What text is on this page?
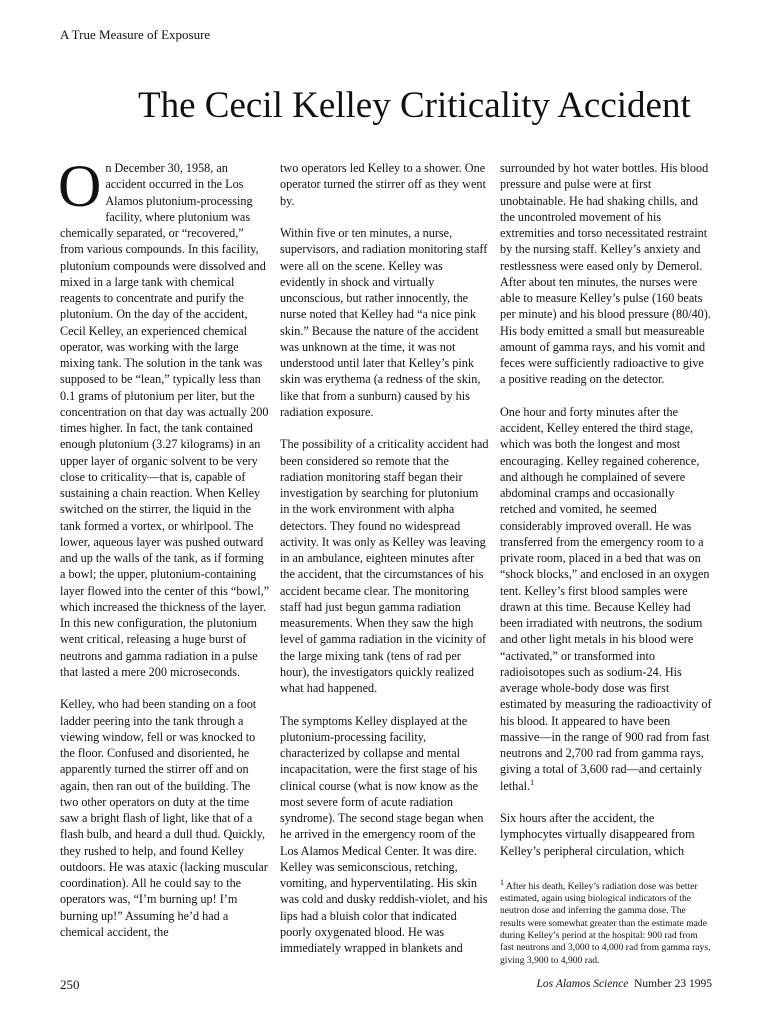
A True Measure of Exposure
The Cecil Kelley Criticality Accident

On December 30, 1958, an accident occurred in the Los Alamos plutonium-processing facility, where plutonium was chemically separated, or “recovered,” from various compounds. In this facility, plutonium compounds were dissolved and mixed in a large tank with chemical reagents to concentrate and purify the plutonium. On the day of the accident, Cecil Kelley, an experienced chemical operator, was working with the large mixing tank. The solution in the tank was supposed to be “lean,” typically less than 0.1 grams of plutonium per liter, but the concentration on that day was actually 200 times higher. In fact, the tank contained enough plutonium (3.27 kilograms) in an upper layer of organic solvent to be very close to criticality—that is, capable of sustaining a chain reaction. When Kelley switched on the stirrer, the liquid in the tank formed a vortex, or whirlpool. The lower, aqueous layer was pushed outward and up the walls of the tank, as if forming a bowl; the upper, plutonium-containing layer flowed into the center of this “bowl,” which increased the thickness of the layer. In this new configuration, the plutonium went critical, releasing a huge burst of neutrons and gamma radiation in a pulse that lasted a mere 200 microseconds.

Kelley, who had been standing on a foot ladder peering into the tank through a viewing window, fell or was knocked to the floor. Confused and disoriented, he apparently turned the stirrer off and on again, then ran out of the building. The two other operators on duty at the time saw a bright flash of light, like that of a flash bulb, and heard a dull thud. Quickly, they rushed to help, and found Kelley outdoors. He was ataxic (lacking muscular coordination). All he could say to the operators was, “I’m burning up! I’m burning up!” Assuming he’d had a chemical accident, the

two operators led Kelley to a shower. One operator turned the stirrer off as they went by.

Within five or ten minutes, a nurse, supervisors, and radiation monitoring staff were all on the scene. Kelley was evidently in shock and virtually unconscious, but rather innocently, the nurse noted that Kelley had “a nice pink skin.” Because the nature of the accident was unknown at the time, it was not understood until later that Kelley’s pink skin was erythema (a redness of the skin, like that from a sunburn) caused by his radiation exposure.

The possibility of a criticality accident had been considered so remote that the radiation monitoring staff began their investigation by searching for plutonium in the work environment with alpha detectors. They found no widespread activity. It was only as Kelley was leaving in an ambulance, eighteen minutes after the accident, that the circumstances of his accident became clear. The monitoring staff had just begun gamma radiation measurements. When they saw the high level of gamma radiation in the vicinity of the large mixing tank (tens of rad per hour), the investigators quickly realized what had happened.

The symptoms Kelley displayed at the plutonium-processing facility, characterized by collapse and mental incapacitation, were the first stage of his clinical course (what is now know as the most severe form of acute radiation syndrome). The second stage began when he arrived in the emergency room of the Los Alamos Medical Center. It was dire. Kelley was semiconscious, retching, vomiting, and hyperventilating. His skin was cold and dusky reddish-violet, and his lips had a bluish color that indicated poorly oxygenated blood. He was immediately wrapped in blankets and

surrounded by hot water bottles. His blood pressure and pulse were at first unobtainable. He had shaking chills, and the uncontroled movement of his extremities and torso necessitated restraint by the nursing staff. Kelley’s anxiety and restlessness were eased only by Demerol. After about ten minutes, the nurses were able to measure Kelley’s pulse (160 beats per minute) and his blood pressure (80/40). His body emitted a small but measureable amount of gamma rays, and his vomit and feces were sufficiently radioactive to give a positive reading on the detector.

One hour and forty minutes after the accident, Kelley entered the third stage, which was both the longest and most encouraging. Kelley regained coherence, and although he complained of severe abdominal cramps and occasionally retched and vomited, he seemed considerably improved overall. He was transferred from the emergency room to a private room, placed in a bed that was on “shock blocks,” and enclosed in an oxygen tent. Kelley’s first blood samples were drawn at this time. Because Kelley had been irradiated with neutrons, the sodium and other light metals in his blood were “activated,” or transformed into radioisotopes such as sodium-24. His average whole-body dose was first estimated by measuring the radioactivity of his blood. It appeared to have been massive—in the range of 900 rad from fast neutrons and 2,700 rad from gamma rays, giving a total of 3,600 rad—and certainly lethal.$^1$

Six hours after the accident, the lymphocytes virtually disappeared from Kelley’s peripheral circulation, which

$^1$ After his death, Kelley’s radiation dose was better estimated, again using biological indicators of the neutron dose and inferring the gamma dose. The results were somewhat greater than the estimate made during Kelley’s period at the hospital: 900 rad from fast neutrons and 3,000 to 4,000 rad from gamma rays, giving 3,900 to 4,900 rad.
250	Los Alamos Science Number 23 1995
